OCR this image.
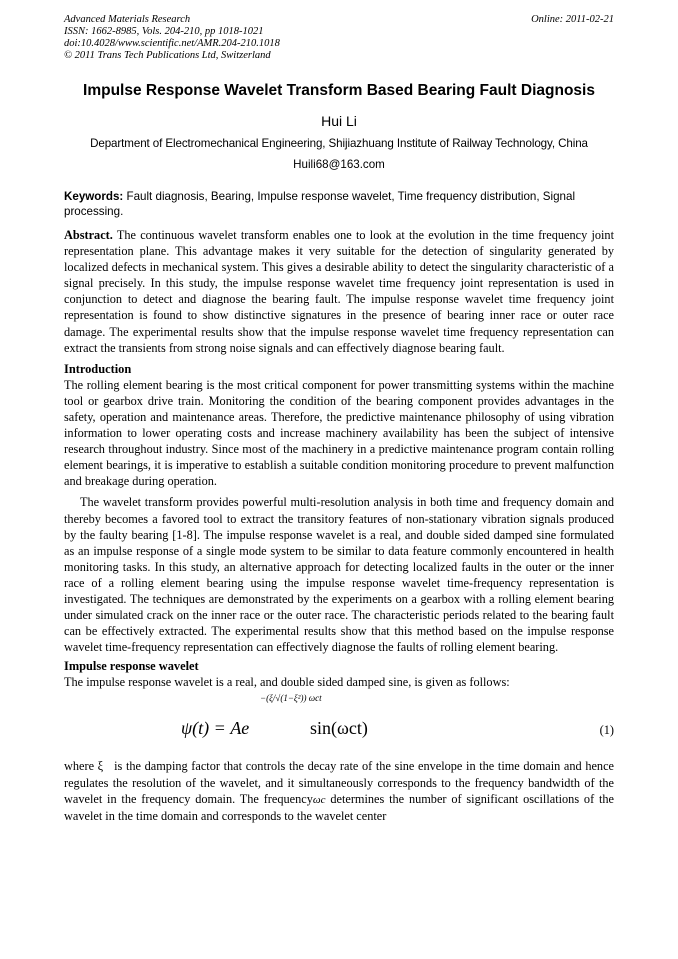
Advanced Materials Research	Online: 2011-02-21
ISSN: 1662-8985, Vols. 204-210, pp 1018-1021
doi:10.4028/www.scientific.net/AMR.204-210.1018
© 2011 Trans Tech Publications Ltd, Switzerland
Impulse Response Wavelet Transform Based Bearing Fault Diagnosis
Hui Li
Department of Electromechanical Engineering, Shijiazhuang Institute of Railway Technology, China
Huili68@163.com

Keywords: Fault diagnosis, Bearing, Impulse response wavelet, Time frequency distribution, Signal processing.

Abstract. The continuous wavelet transform enables one to look at the evolution in the time frequency joint representation plane. This advantage makes it very suitable for the detection of singularity generated by localized defects in mechanical system. This gives a desirable ability to detect the singularity characteristic of a signal precisely. In this study, the impulse response wavelet time frequency joint representation is used in conjunction to detect and diagnose the bearing fault. The impulse response wavelet time frequency joint representation is found to show distinctive signatures in the presence of bearing inner race or outer race damage. The experimental results show that the impulse response wavelet time frequency representation can extract the transients from strong noise signals and can effectively diagnose bearing fault.

Introduction

The rolling element bearing is the most critical component for power transmitting systems within the machine tool or gearbox drive train. Monitoring the condition of the bearing component provides advantages in the safety, operation and maintenance areas. Therefore, the predictive maintenance philosophy of using vibration information to lower operating costs and increase machinery availability has been the subject of intensive research throughout industry. Since most of the machinery in a predictive maintenance program contain rolling element bearings, it is imperative to establish a suitable condition monitoring procedure to prevent malfunction and breakage during operation.

The wavelet transform provides powerful multi-resolution analysis in both time and frequency domain and thereby becomes a favored tool to extract the transitory features of non-stationary vibration signals produced by the faulty bearing [1-8]. The impulse response wavelet is a real, and double sided damped sine formulated as an impulse response of a single mode system to be similar to data feature commonly encountered in health monitoring tasks. In this study, an alternative approach for detecting localized faults in the outer or the inner race of a rolling element bearing using the impulse response wavelet time-frequency representation is investigated. The techniques are demonstrated by the experiments on a gearbox with a rolling element bearing under simulated crack on the inner race or the outer race. The characteristic periods related to the bearing fault can be effectively extracted. The experimental results show that this method based on the impulse response wavelet time-frequency representation can effectively diagnose the faults of rolling element bearing.

Impulse response wavelet

The impulse response wavelet is a real, and double sided damped sine, is given as follows:

ψ(t) = Ae
−(ξ/√(1−ξ²)) ωct
sin(ωct)	(1)

where ξ is the damping factor that controls the decay rate of the sine envelope in the time domain and hence regulates the resolution of the wavelet, and it simultaneously corresponds to the frequency bandwidth of the wavelet in the frequency domain. The frequencyωc determines the number of significant oscillations of the wavelet in the time domain and corresponds to the wavelet center
